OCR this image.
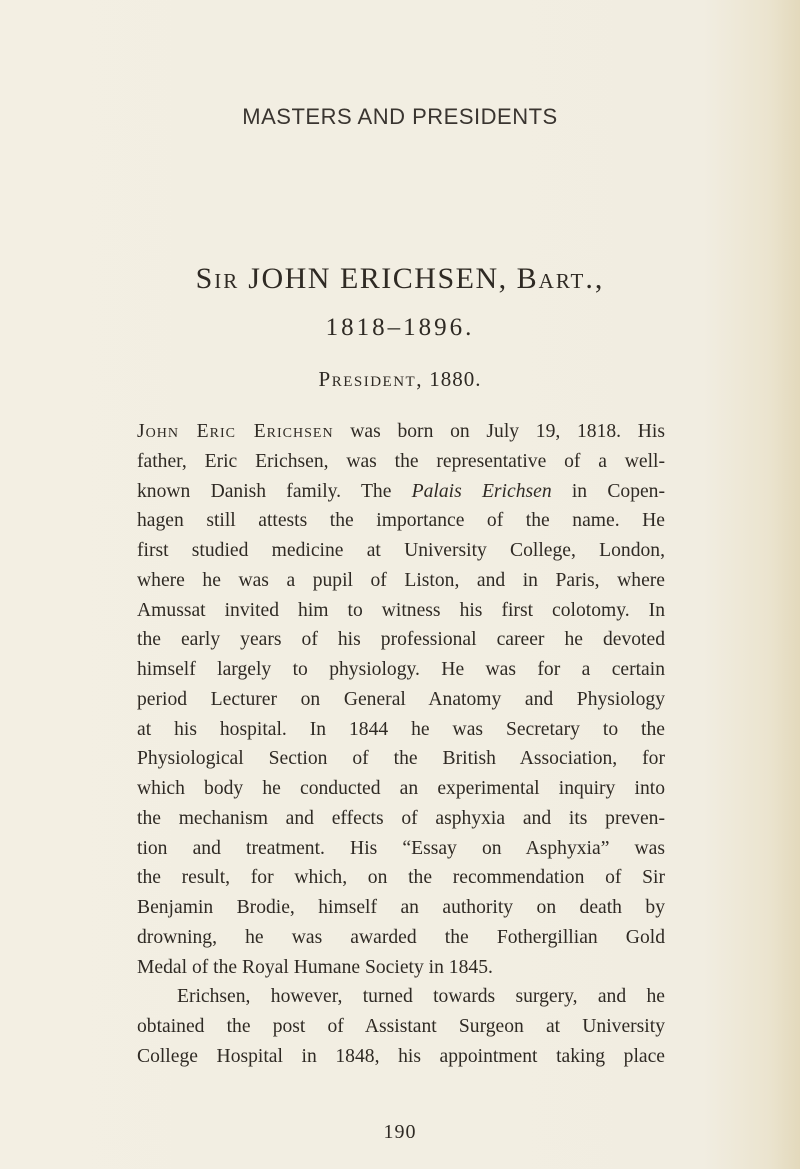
MASTERS AND PRESIDENTS
Sir JOHN ERICHSEN, Bart.,
1818–1896.
President, 1880.
John Eric Erichsen was born on July 19, 1818. His
father, Eric Erichsen, was the representative of a well-
known Danish family. The Palais Erichsen in Copen-
hagen still attests the importance of the name. He
first studied medicine at University College, London,
where he was a pupil of Liston, and in Paris, where
Amussat invited him to witness his first colotomy. In
the early years of his professional career he devoted
himself largely to physiology. He was for a certain
period Lecturer on General Anatomy and Physiology
at his hospital. In 1844 he was Secretary to the
Physiological Section of the British Association, for
which body he conducted an experimental inquiry into
the mechanism and effects of asphyxia and its preven-
tion and treatment. His “Essay on Asphyxia” was
the result, for which, on the recommendation of Sir
Benjamin Brodie, himself an authority on death by
drowning, he was awarded the Fothergillian Gold
Medal of the Royal Humane Society in 1845.
Erichsen, however, turned towards surgery, and he
obtained the post of Assistant Surgeon at University
College Hospital in 1848, his appointment taking place
190
